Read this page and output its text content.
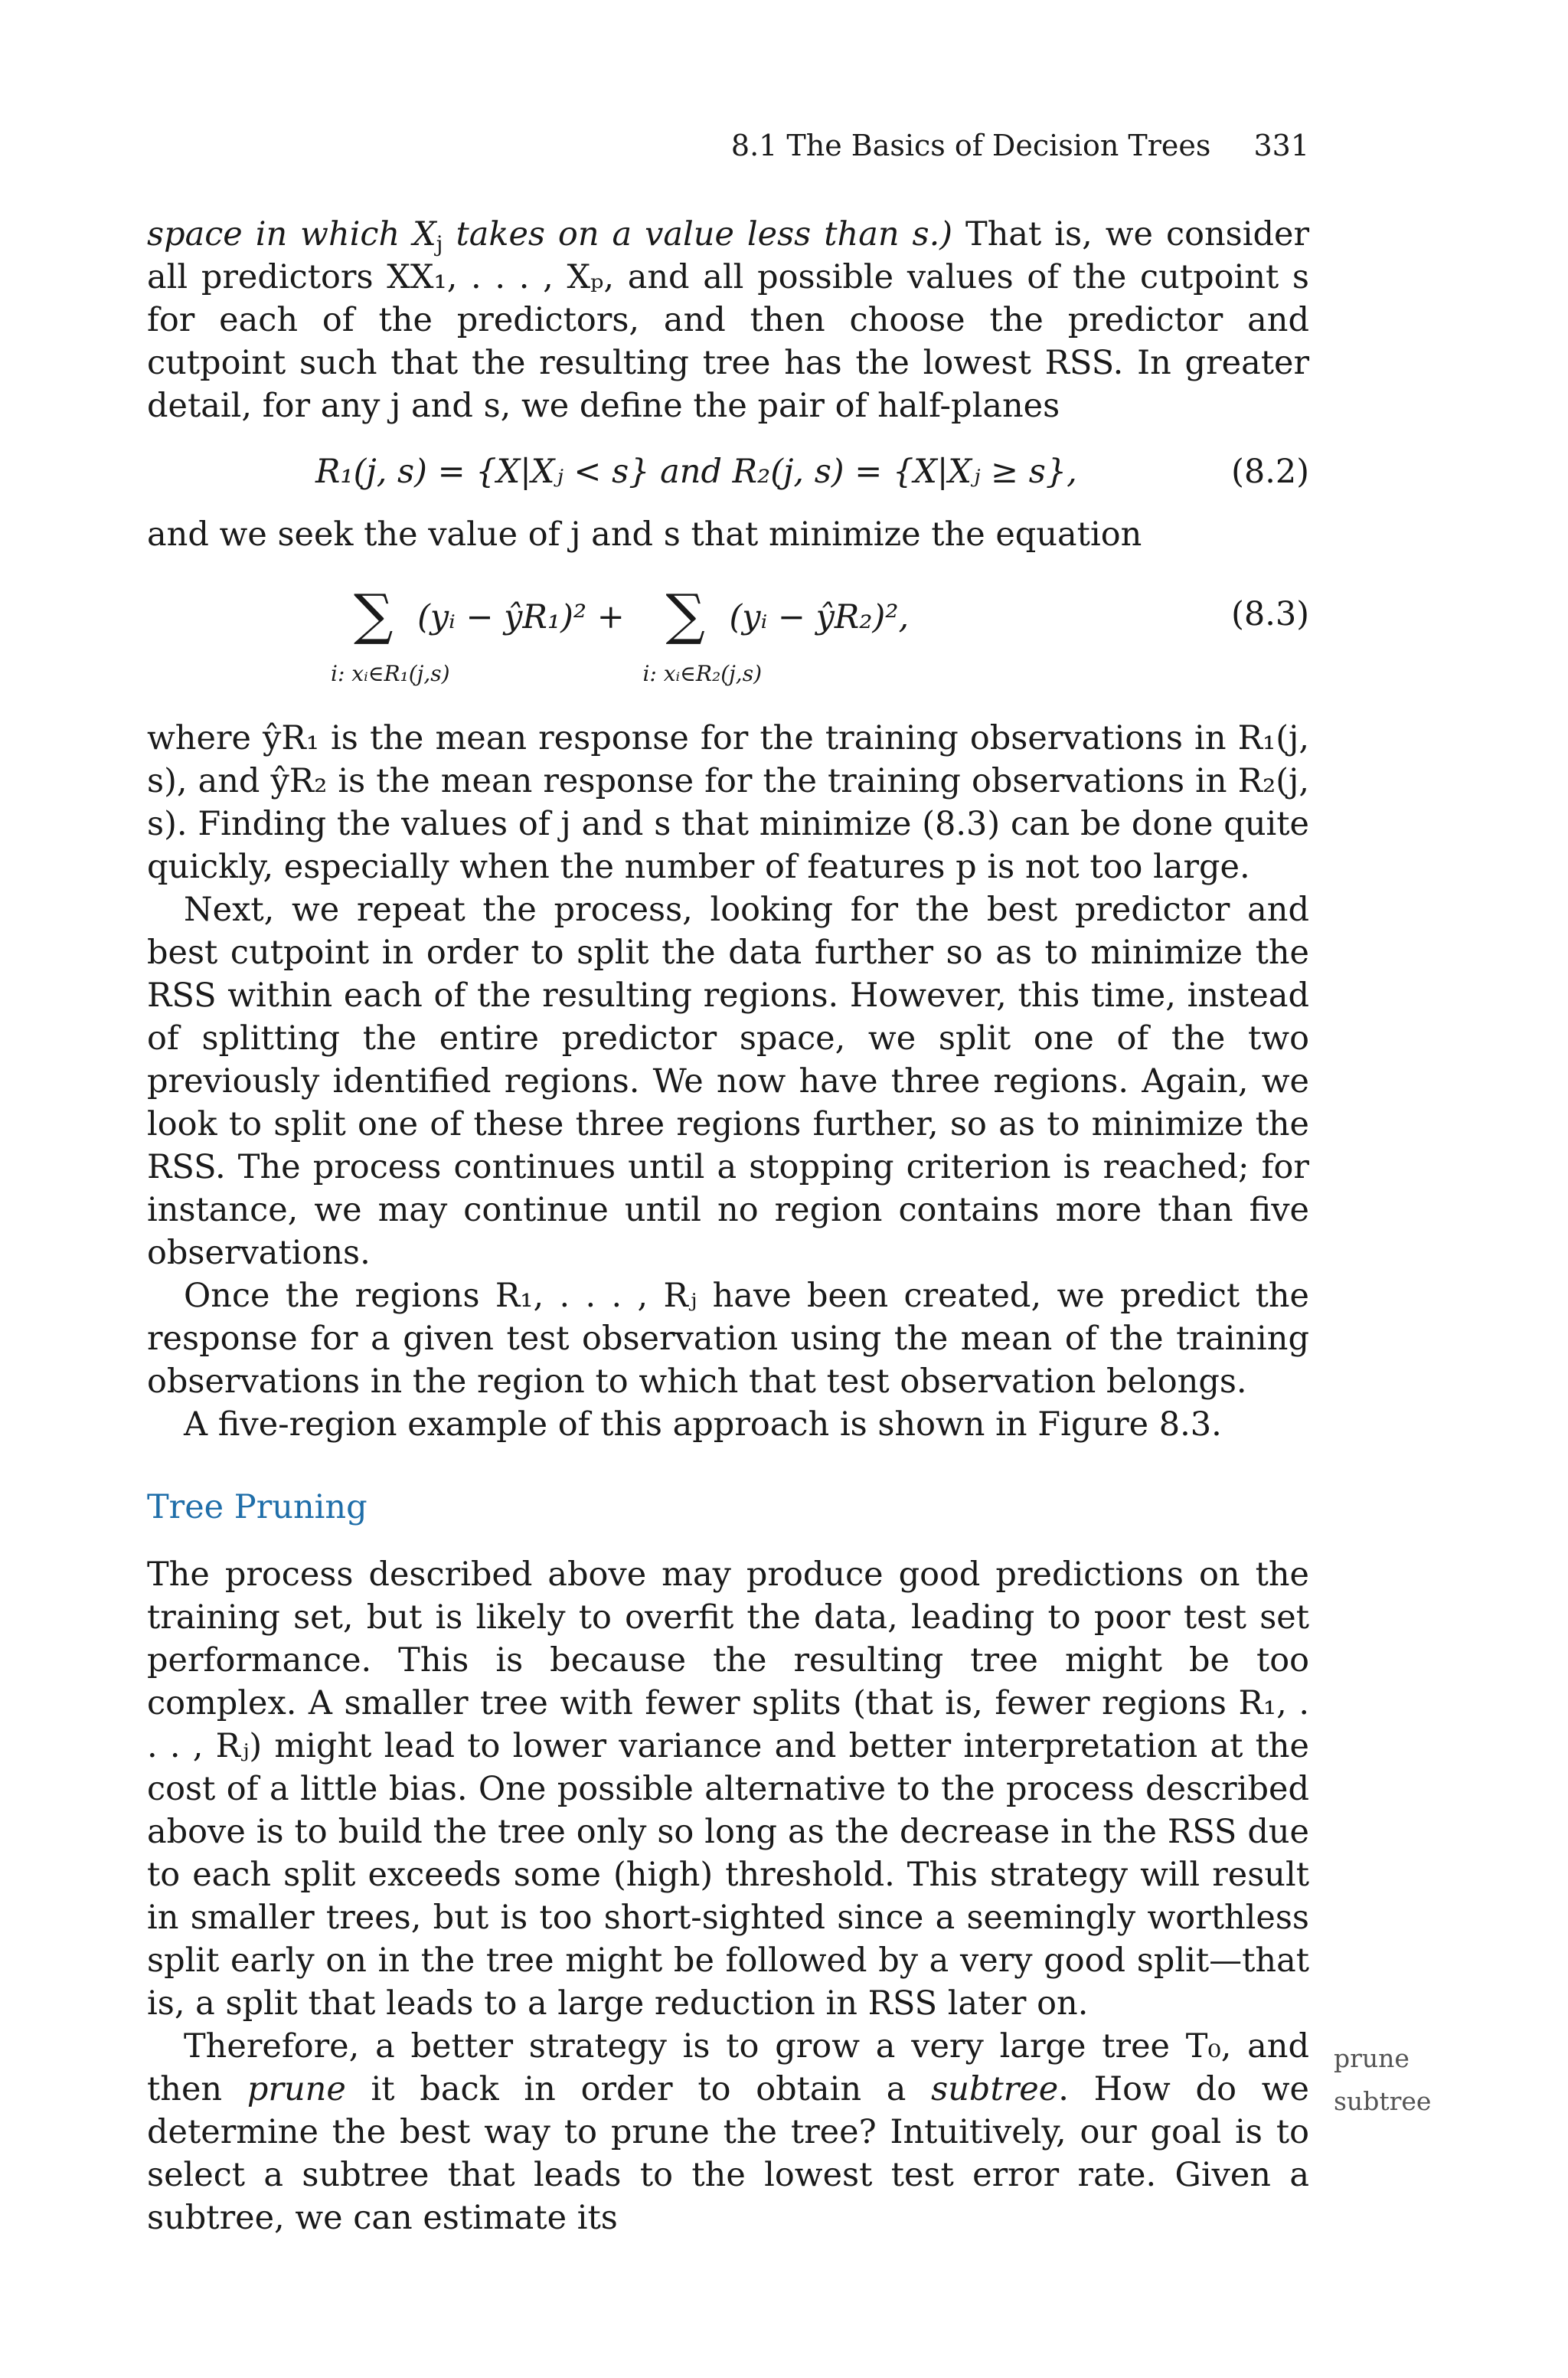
8.1 The Basics of Decision Trees 331

space in which $X_j$ takes on a value less than s.) That is, we consider all predictors XX₁, . . . , Xₚ, and all possible values of the cutpoint s for each of the predictors, and then choose the predictor and cutpoint such that the resulting tree has the lowest RSS. In greater detail, for any j and s, we define the pair of half-planes

R₁(j, s) = {X|Xⱼ < s} and R₂(j, s) = {X|Xⱼ ≥ s},	(8.2)

and we seek the value of j and s that minimize the equation

∑
i: xᵢ∈R₁(j,s)
(yᵢ − ŷR₁)² + ∑
i: xᵢ∈R₂(j,s)
(yᵢ − ŷR₂)²,	(8.3)

where ŷR₁ is the mean response for the training observations in R₁(j, s), and ŷR₂ is the mean response for the training observations in R₂(j, s). Finding the values of j and s that minimize (8.3) can be done quite quickly, especially when the number of features p is not too large.

Next, we repeat the process, looking for the best predictor and best cutpoint in order to split the data further so as to minimize the RSS within each of the resulting regions. However, this time, instead of splitting the entire predictor space, we split one of the two previously identified regions. We now have three regions. Again, we look to split one of these three regions further, so as to minimize the RSS. The process continues until a stopping criterion is reached; for instance, we may continue until no region contains more than five observations.

Once the regions R₁, . . . , Rⱼ have been created, we predict the response for a given test observation using the mean of the training observations in the region to which that test observation belongs.

A five-region example of this approach is shown in Figure 8.3.

Tree Pruning

The process described above may produce good predictions on the training set, but is likely to overfit the data, leading to poor test set performance. This is because the resulting tree might be too complex. A smaller tree with fewer splits (that is, fewer regions R₁, . . . , Rⱼ) might lead to lower variance and better interpretation at the cost of a little bias. One possible alternative to the process described above is to build the tree only so long as the decrease in the RSS due to each split exceeds some (high) threshold. This strategy will result in smaller trees, but is too short-sighted since a seemingly worthless split early on in the tree might be followed by a very good split—that is, a split that leads to a large reduction in RSS later on.

Therefore, a better strategy is to grow a very large tree T₀, and then prune it back in order to obtain a subtree. How do we determine the best way to prune the tree? Intuitively, our goal is to select a subtree that leads to the lowest test error rate. Given a subtree, we can estimate its

prune
subtree
